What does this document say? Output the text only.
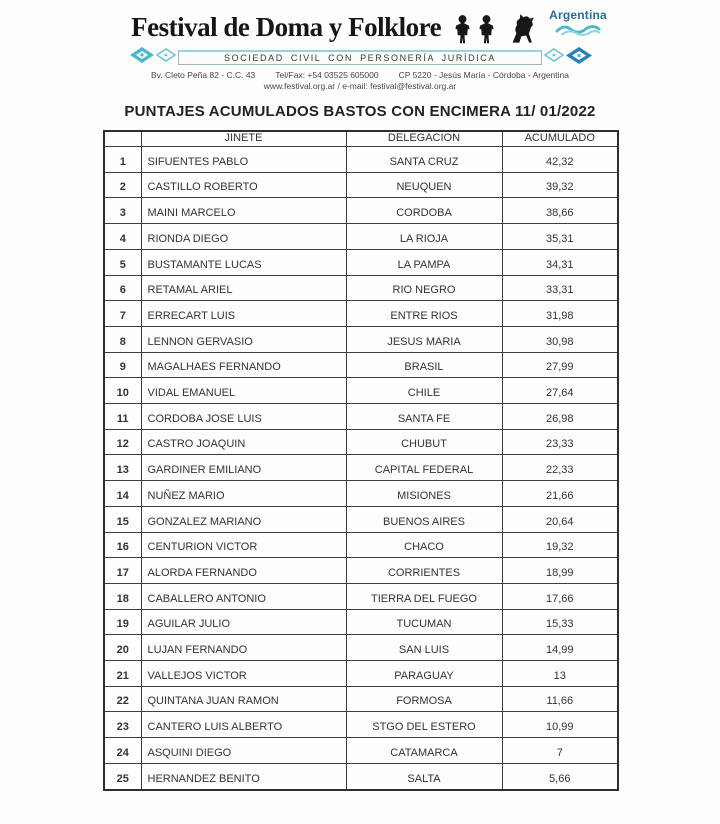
Festival de Doma y Folklore	Argentina
SOCIEDAD CIVIL CON PERSONERÍA JURÍDICA
Bv. Cleto Peña 82 - C.C. 43 Tel/Fax: +54 03525 605000 CP 5220 - Jesús María - Córdoba - Argentina
www.festival.org.ar / e-mail: festival@festival.org.ar
PUNTAJES ACUMULADOS BASTOS CON ENCIMERA 11/ 01/2022
	JINETE	DELEGACION	ACUMULADO
1	SIFUENTES PABLO	SANTA CRUZ	42,32
2	CASTILLO ROBERTO	NEUQUEN	39,32
3	MAINI MARCELO	CORDOBA	38,66
4	RIONDA DIEGO	LA RIOJA	35,31
5	BUSTAMANTE LUCAS	LA PAMPA	34,31
6	RETAMAL ARIEL	RIO NEGRO	33,31
7	ERRECART LUIS	ENTRE RIOS	31,98
8	LENNON GERVASIO	JESUS MARIA	30,98
9	MAGALHAES FERNANDO	BRASIL	27,99
10	VIDAL EMANUEL	CHILE	27,64
11	CORDOBA JOSE LUIS	SANTA FE	26,98
12	CASTRO JOAQUIN	CHUBUT	23,33
13	GARDINER EMILIANO	CAPITAL FEDERAL	22,33
14	NUÑEZ MARIO	MISIONES	21,66
15	GONZALEZ MARIANO	BUENOS AIRES	20,64
16	CENTURION VICTOR	CHACO	19,32
17	ALORDA FERNANDO	CORRIENTES	18,99
18	CABALLERO ANTONIO	TIERRA DEL FUEGO	17,66
19	AGUILAR JULIO	TUCUMAN	15,33
20	LUJAN FERNANDO	SAN LUIS	14,99
21	VALLEJOS VICTOR	PARAGUAY	13
22	QUINTANA JUAN RAMON	FORMOSA	11,66
23	CANTERO LUIS ALBERTO	STGO DEL ESTERO	10,99
24	ASQUINI DIEGO	CATAMARCA	7
25	HERNANDEZ BENITO	SALTA	5,66
